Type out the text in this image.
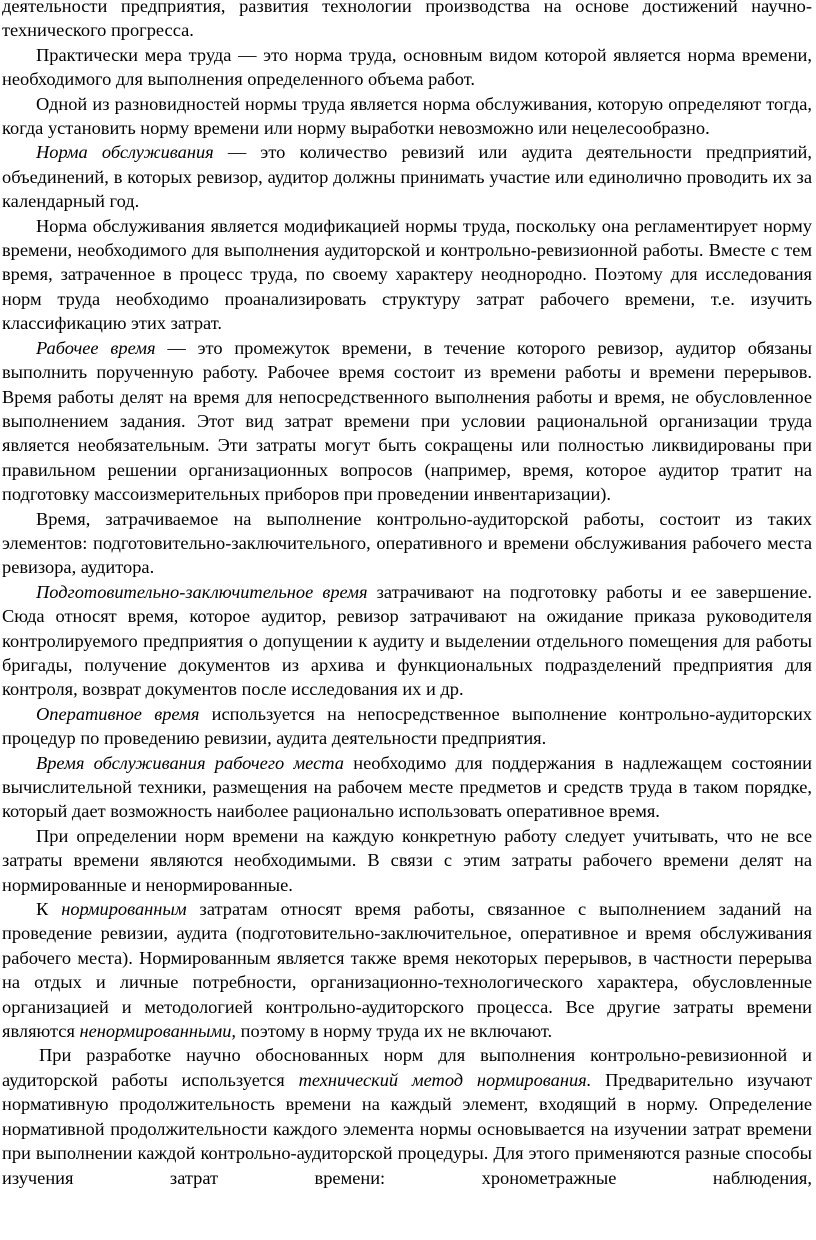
деятельности предприятия, развития технологии производства на основе достижений научно-технического прогресса.

Практически мера труда — это норма труда, основным видом которой является норма времени, необходимого для выполнения определенного объема работ.

Одной из разновидностей нормы труда является норма обслуживания, которую определяют тогда, когда установить норму времени или норму выработки невозможно или нецелесообразно.

Норма обслуживания — это количество ревизий или аудита деятельности предприятий, объединений, в которых ревизор, аудитор должны принимать участие или единолично проводить их за календарный год.

Норма обслуживания является модификацией нормы труда, поскольку она регламентирует норму времени, необходимого для выполнения аудиторской и контрольно-ревизионной работы. Вместе с тем время, затраченное в процесс труда, по своему характеру неоднородно. Поэтому для исследования норм труда необходимо проанализировать структуру затрат рабочего времени, т.е. изучить классификацию этих затрат.

Рабочее время — это промежуток времени, в течение которого ревизор, аудитор обязаны выполнить порученную работу. Рабочее время состоит из времени работы и времени перерывов. Время работы делят на время для непосредственного выполнения работы и время, не обусловленное выполнением задания. Этот вид затрат времени при условии рациональной организации труда является необязательным. Эти затраты могут быть сокращены или полностью ликвидированы при правильном решении организационных вопросов (например, время, которое аудитор тратит на подготовку массоизмерительных приборов при проведении инвентаризации).

Время, затрачиваемое на выполнение контрольно-аудиторской работы, состоит из таких элементов: подготовительно-заключительного, оперативного и времени обслуживания рабочего места ревизора, аудитора.

Подготовительно-заключительное время затрачивают на подготовку работы и ее завершение. Сюда относят время, которое аудитор, ревизор затрачивают на ожидание приказа руководителя контролируемого предприятия о допущении к аудиту и выделении отдельного помещения для работы бригады, получение документов из архива и функциональных подразделений предприятия для контроля, возврат документов после исследования их и др.

Оперативное время используется на непосредственное выполнение контрольно-аудиторских процедур по проведению ревизии, аудита деятельности предприятия.

Время обслуживания рабочего места необходимо для поддержания в надлежащем состоянии вычислительной техники, размещения на рабочем месте предметов и средств труда в таком порядке, который дает возможность наиболее рационально использовать оперативное время.

При определении норм времени на каждую конкретную работу следует учитывать, что не все затраты времени являются необходимыми. В связи с этим затраты рабочего времени делят на нормированные и ненормированные.

К нормированным затратам относят время работы, связанное с выполнением заданий на проведение ревизии, аудита (подготовительно-заключительное, оперативное и время обслуживания рабочего места). Нормированным является также время некоторых перерывов, в частности перерыва на отдых и личные потребности, организационно-технологического характера, обусловленные организацией и методологией контрольно-аудиторского процесса. Все другие затраты времени являются ненормированными, поэтому в норму труда их не включают.

При разработке научно обоснованных норм для выполнения контрольно-ревизионной и аудиторской работы используется технический метод нормирования. Предварительно изучают нормативную продолжительность времени на каждый элемент, входящий в норму. Определение нормативной продолжительности каждого элемента нормы основывается на изучении затрат времени при выполнении каждой контрольно-аудиторской процедуры. Для этого применяются разные способы изучения затрат времени: хронометражные наблюдения,
